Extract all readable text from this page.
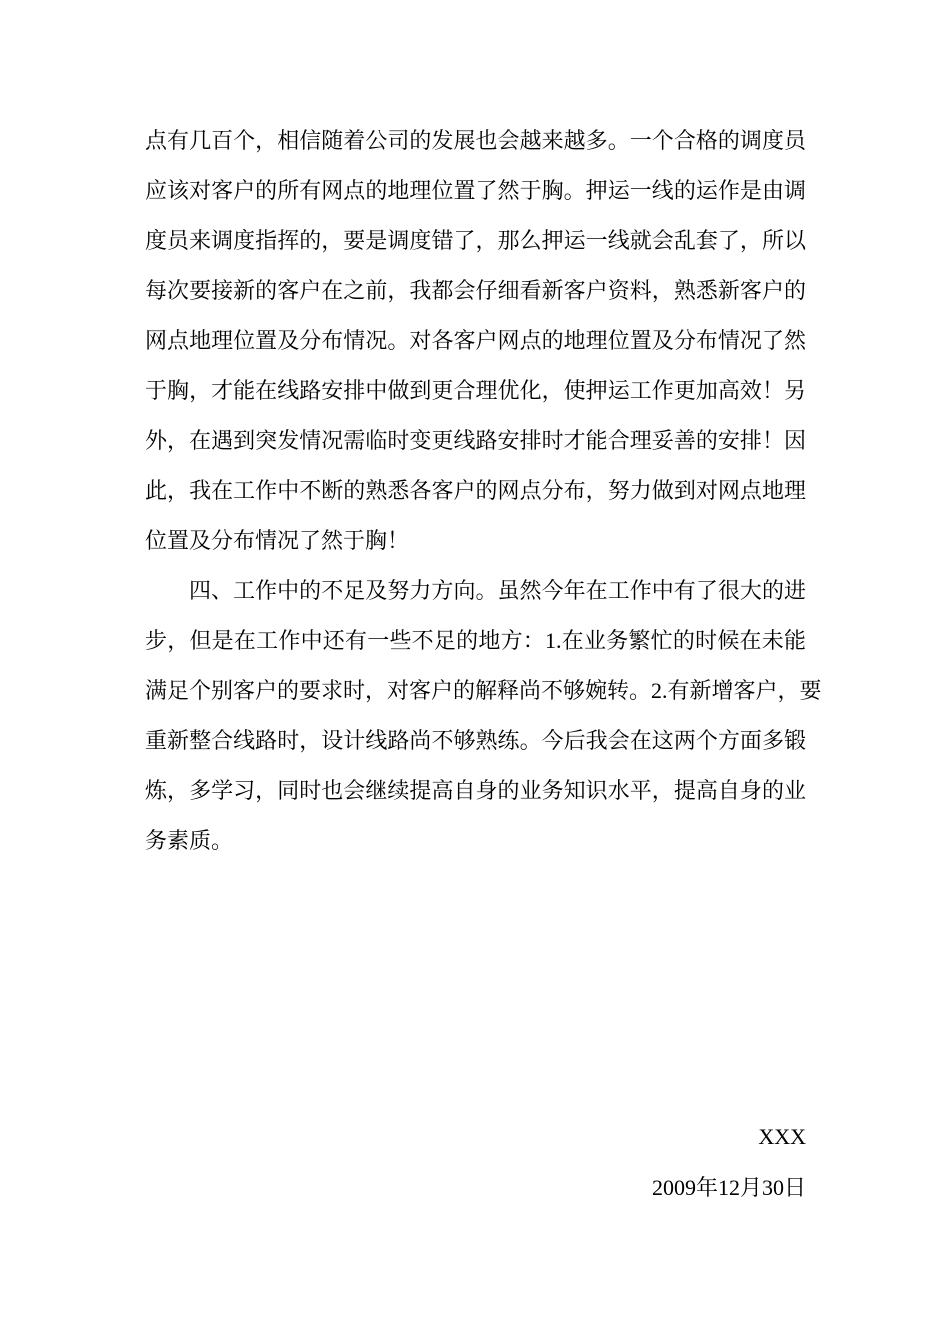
点有几百个，相信随着公司的发展也会越来越多。一个合格的调度员
应该对客户的所有网点的地理位置了然于胸。押运一线的运作是由调
度员来调度指挥的，要是调度错了，那么押运一线就会乱套了，所以
每次要接新的客户在之前，我都会仔细看新客户资料，熟悉新客户的
网点地理位置及分布情况。对各客户网点的地理位置及分布情况了然
于胸，才能在线路安排中做到更合理优化，使押运工作更加高效！另
外，在遇到突发情况需临时变更线路安排时才能合理妥善的安排！因
此，我在工作中不断的熟悉各客户的网点分布，努力做到对网点地理
位置及分布情况了然于胸！
四、工作中的不足及努力方向。虽然今年在工作中有了很大的进
步，但是在工作中还有一些不足的地方：1.在业务繁忙的时候在未能
满足个别客户的要求时，对客户的解释尚不够婉转。2.有新增客户，要
重新整合线路时，设计线路尚不够熟练。今后我会在这两个方面多锻
炼，多学习，同时也会继续提高自身的业务知识水平，提高自身的业
务素质。
XXX
2009年12月30日
